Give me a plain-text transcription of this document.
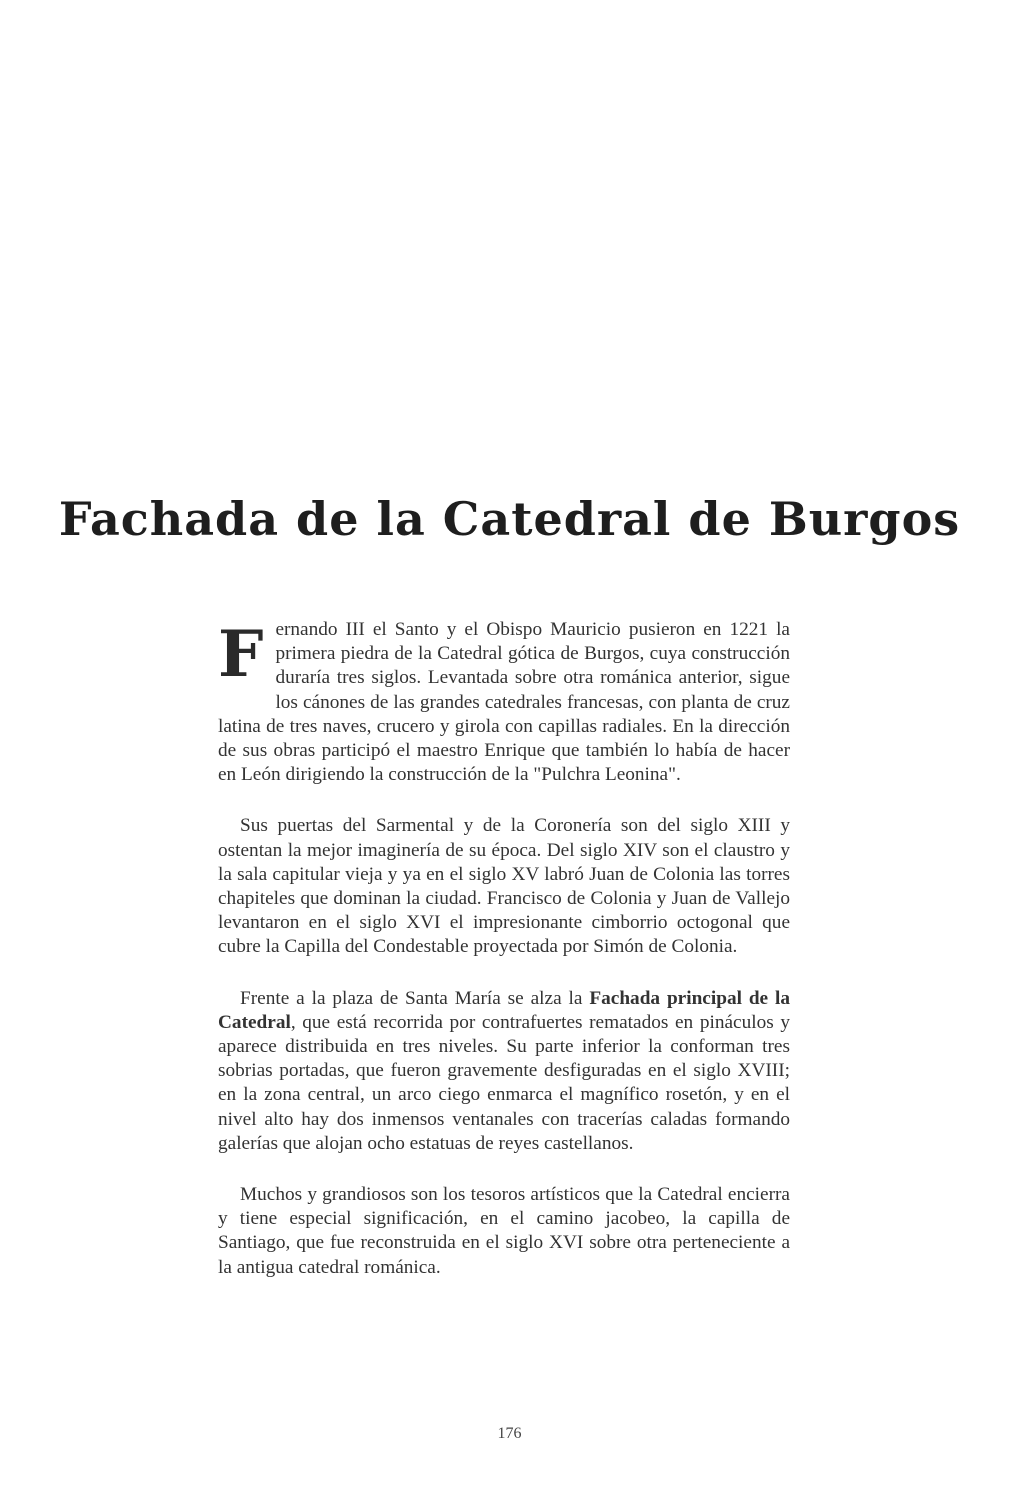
Fachada de la Catedral de Burgos

Fernando III el Santo y el Obispo Mauricio pusieron en 1221 la primera piedra de la Catedral gótica de Burgos, cuya construcción duraría tres siglos. Levantada sobre otra románica anterior, sigue los cánones de las grandes catedrales francesas, con planta de cruz latina de tres naves, crucero y girola con capillas radiales. En la dirección de sus obras participó el maestro Enrique que también lo había de hacer en León dirigiendo la construcción de la "Pulchra Leonina".

Sus puertas del Sarmental y de la Coronería son del siglo XIII y ostentan la mejor imaginería de su época. Del siglo XIV son el claustro y la sala capitular vieja y ya en el siglo XV labró Juan de Colonia las torres chapiteles que dominan la ciudad. Francisco de Colonia y Juan de Vallejo levantaron en el siglo XVI el impresionante cimborrio octogonal que cubre la Capilla del Condestable proyectada por Simón de Colonia.

Frente a la plaza de Santa María se alza la Fachada principal de la Catedral, que está recorrida por contrafuertes rematados en pináculos y aparece distribuida en tres niveles. Su parte inferior la conforman tres sobrias portadas, que fueron gravemente desfiguradas en el siglo XVIII; en la zona central, un arco ciego enmarca el magnífico rosetón, y en el nivel alto hay dos inmensos ventanales con tracerías caladas formando galerías que alojan ocho estatuas de reyes castellanos.

Muchos y grandiosos son los tesoros artísticos que la Catedral encierra y tiene especial significación, en el camino jacobeo, la capilla de Santiago, que fue reconstruida en el siglo XVI sobre otra perteneciente a la antigua catedral románica.

176
